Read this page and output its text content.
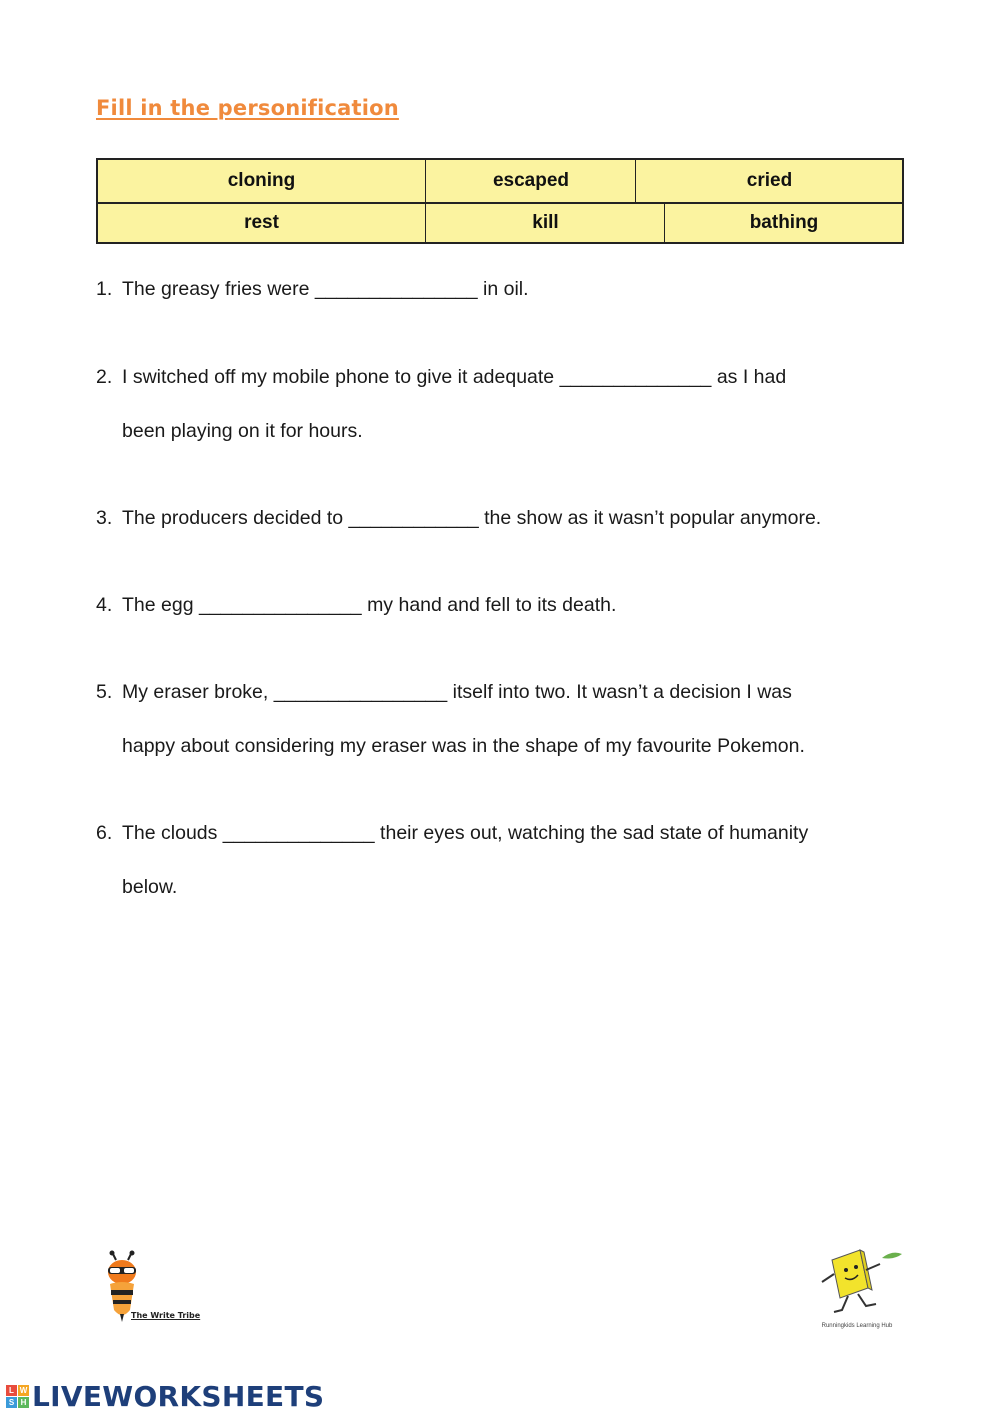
Fill in the personification
cloning	escaped	cried
rest	kill	bathing
1. The greasy fries were _______________ in oil.
2. I switched off my mobile phone to give it adequate ______________ as I had
been playing on it for hours.
3. The producers decided to ____________ the show as it wasn’t popular anymore.
4. The egg _______________ my hand and fell to its death.
5. My eraser broke, ________________ itself into two. It wasn’t a decision I was
happy about considering my eraser was in the shape of my favourite Pokemon.
6. The clouds ______________ their eyes out, watching the sad state of humanity
below.
The Write Tribe
Runningkids Learning Hub
L W
S H LIVEWORKSHEETS
